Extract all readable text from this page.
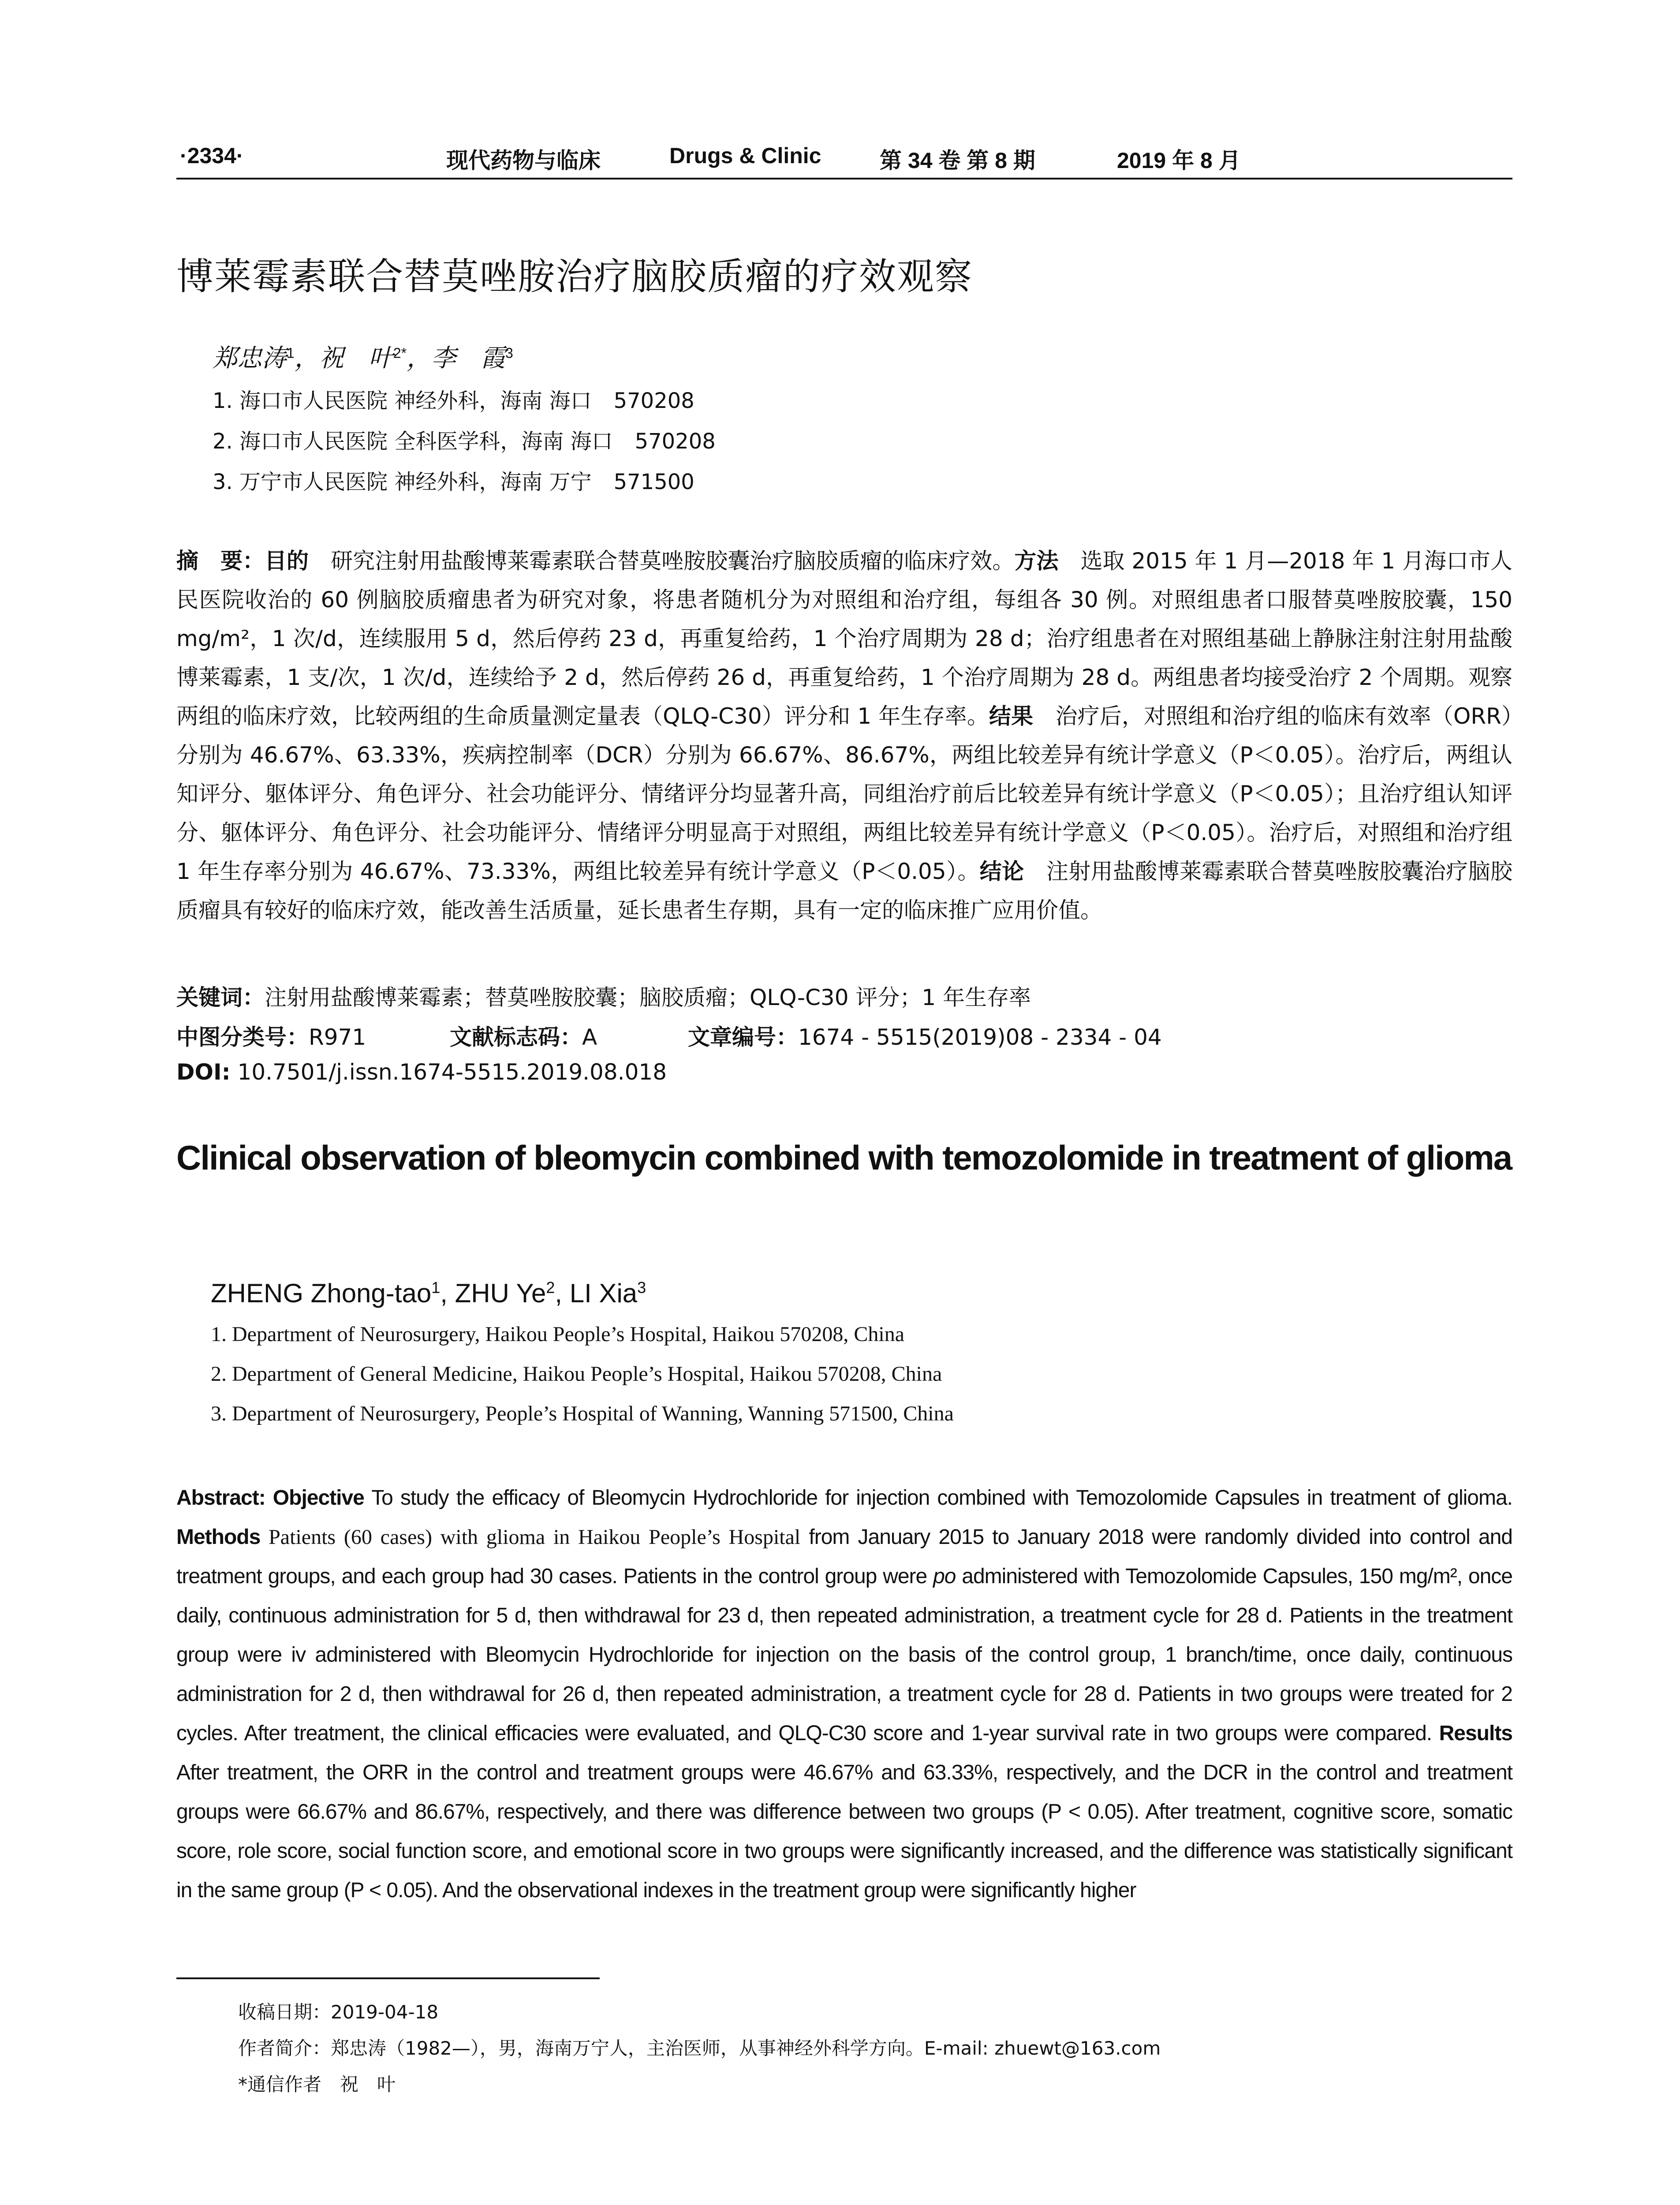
·2334·	现代药物与临床	Drugs & Clinic	第 34 卷 第 8 期	2019 年 8 月
博莱霉素联合替莫唑胺治疗脑胶质瘤的疗效观察
郑忠涛$^1$，祝　叶$^{2*}$，李　霞$^3$
1. 海口市人民医院 神经外科，海南 海口 570208
2. 海口市人民医院 全科医学科，海南 海口 570208
3. 万宁市人民医院 神经外科，海南 万宁 571500
摘　要：目的　研究注射用盐酸博莱霉素联合替莫唑胺胶囊治疗脑胶质瘤的临床疗效。方法　选取 2015 年 1 月—2018 年 1 月海口市人民医院收治的 60 例脑胶质瘤患者为研究对象，将患者随机分为对照组和治疗组，每组各 30 例。对照组患者口服替莫唑胺胶囊，150 mg/m²，1 次/d，连续服用 5 d，然后停药 23 d，再重复给药，1 个治疗周期为 28 d；治疗组患者在对照组基础上静脉注射注射用盐酸博莱霉素，1 支/次，1 次/d，连续给予 2 d，然后停药 26 d，再重复给药，1 个治疗周期为 28 d。两组患者均接受治疗 2 个周期。观察两组的临床疗效，比较两组的生命质量测定量表（QLQ-C30）评分和 1 年生存率。结果　治疗后，对照组和治疗组的临床有效率（ORR）分别为 46.67%、63.33%，疾病控制率（DCR）分别为 66.67%、86.67%，两组比较差异有统计学意义（P＜0.05）。治疗后，两组认知评分、躯体评分、角色评分、社会功能评分、情绪评分均显著升高，同组治疗前后比较差异有统计学意义（P＜0.05）；且治疗组认知评分、躯体评分、角色评分、社会功能评分、情绪评分明显高于对照组，两组比较差异有统计学意义（P＜0.05）。治疗后，对照组和治疗组 1 年生存率分别为 46.67%、73.33%，两组比较差异有统计学意义（P＜0.05）。结论　注射用盐酸博莱霉素联合替莫唑胺胶囊治疗脑胶质瘤具有较好的临床疗效，能改善生活质量，延长患者生存期，具有一定的临床推广应用价值。
关键词：注射用盐酸博莱霉素；替莫唑胺胶囊；脑胶质瘤；QLQ-C30 评分；1 年生存率
中图分类号：R971	文献标志码：A	文章编号：1674 - 5515(2019)08 - 2334 - 04
DOI: 10.7501/j.issn.1674-5515.2019.08.018
Clinical observation of bleomycin combined with temozolomide in treatment of glioma
ZHENG Zhong-tao$^1$, ZHU Ye$^2$, LI Xia$^3$
1. Department of Neurosurgery, Haikou People’s Hospital, Haikou 570208, China
2. Department of General Medicine, Haikou People’s Hospital, Haikou 570208, China
3. Department of Neurosurgery, People’s Hospital of Wanning, Wanning 571500, China
Abstract: Objective To study the efficacy of Bleomycin Hydrochloride for injection combined with Temozolomide Capsules in treatment of glioma. Methods Patients (60 cases) with glioma in Haikou People’s Hospital from January 2015 to January 2018 were randomly divided into control and treatment groups, and each group had 30 cases. Patients in the control group were po administered with Temozolomide Capsules, 150 mg/m², once daily, continuous administration for 5 d, then withdrawal for 23 d, then repeated administration, a treatment cycle for 28 d. Patients in the treatment group were iv administered with Bleomycin Hydrochloride for injection on the basis of the control group, 1 branch/time, once daily, continuous administration for 2 d, then withdrawal for 26 d, then repeated administration, a treatment cycle for 28 d. Patients in two groups were treated for 2 cycles. After treatment, the clinical efficacies were evaluated, and QLQ-C30 score and 1-year survival rate in two groups were compared. Results After treatment, the ORR in the control and treatment groups were 46.67% and 63.33%, respectively, and the DCR in the control and treatment groups were 66.67% and 86.67%, respectively, and there was difference between two groups (P < 0.05). After treatment, cognitive score, somatic score, role score, social function score, and emotional score in two groups were significantly increased, and the difference was statistically significant in the same group (P < 0.05). And the observational indexes in the treatment group were significantly higher
收稿日期：2019-04-18
作者简介：郑忠涛（1982—），男，海南万宁人，主治医师，从事神经外科学方向。E-mail: zhuewt@163.com
*通信作者　祝　叶
